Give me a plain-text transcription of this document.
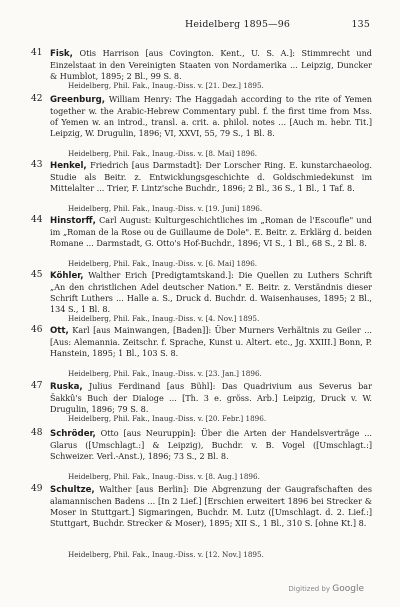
Heidelberg 1895—96	135
41 Fisk, Otis Harrison [aus Covington. Kent., U. S. A.]: Stimmrecht und Einzelstaat in den Vereinigten Staaten von Nordamerika ... Leipzig, Duncker & Humblot, 1895; 2 Bl., 99 S. 8.
Heidelberg, Phil. Fak., Inaug.-Diss. v. [21. Dez.] 1895.
42 Greenburg, William Henry: The Haggadah according to the rite of Yemen together w. the Arabic-Hebrew Commentary publ. f. the first time from Mss. of Yemen w. an introd., transl. a. crit. a. philol. notes ... [Auch m. hebr. Tit.] Leipzig, W. Drugulin, 1896; VI, XXVI, 55, 79 S., 1 Bl. 8.
Heidelberg, Phil. Fak., Inaug.-Diss. v. [8. Mai] 1896.
43 Henkel, Friedrich [aus Darmstadt]: Der Lorscher Ring. E. kunstarchaeolog. Studie als Beitr. z. Entwicklungsgeschichte d. Goldschmiedekunst im Mittelalter ... Trier, F. Lintz'sche Buchdr., 1896; 2 Bl., 36 S., 1 Bl., 1 Taf. 8.
Heidelberg, Phil. Fak., Inaug.-Diss. v. [19. Juni] 1896.
44 Hinstorff, Carl August: Kulturgeschichtliches im „Roman de l'Escoufle" und im „Roman de la Rose ou de Guillaume de Dole". E. Beitr. z. Erklärg d. beiden Romane ... Darmstadt, G. Otto's Hof-Buchdr., 1896; VI S., 1 Bl., 68 S., 2 Bl. 8.
Heidelberg, Phil. Fak., Inaug.-Diss. v. [6. Mai] 1896.
45 Köhler, Walther Erich [Predigtamtskand.]: Die Quellen zu Luthers Schrift „An den christlichen Adel deutscher Nation." E. Beitr. z. Verständnis dieser Schrift Luthers ... Halle a. S., Druck d. Buchdr. d. Waisenhauses, 1895; 2 Bl., 134 S., 1 Bl. 8.
Heidelberg, Phil. Fak., Inaug.-Diss. v. [4. Nov.] 1895.
46 Ott, Karl [aus Mainwangen, [Baden]]: Über Murners Verhältnis zu Geiler ... [Aus: Alemannia. Zeitschr. f. Sprache, Kunst u. Altert. etc., Jg. XXIII.] Bonn, P. Hanstein, 1895; 1 Bl., 103 S. 8.
Heidelberg, Phil. Fak., Inaug.-Diss. v. [23. Jan.] 1896.
47 Ruska, Julius Ferdinand [aus Bühl]: Das Quadrivium aus Severus bar Šakkû's Buch der Dialoge ... [Th. 3 e. gröss. Arb.] Leipzig, Druck v. W. Drugulin, 1896; 79 S. 8.
Heidelberg, Phil. Fak., Inaug.-Diss. v. [20. Febr.] 1896.
48 Schröder, Otto [aus Neuruppin]: Über die Arten der Handelsverträge ... Glarus ([Umschlagt.:] & Leipzig), Buchdr. v. B. Vogel ([Umschlagt.:] Schweizer. Verl.-Anst.), 1896; 73 S., 2 Bl. 8.
Heidelberg, Phil. Fak., Inaug.-Diss. v. [8. Aug.] 1896.
49 Schultze, Walther [aus Berlin]: Die Abgrenzung der Gaugrafschaften des alamannischen Badens ... [In 2 Lief.] [Erschien erweitert 1896 bei Strecker & Moser in Stuttgart.] Sigmaringen, Buchdr. M. Lutz ([Umschlagt. d. 2. Lief.:] Stuttgart, Buchdr. Strecker & Moser), 1895; XII S., 1 Bl., 310 S. [ohne Kt.] 8.
Heidelberg, Phil. Fak., Inaug.-Diss. v. [12. Nov.] 1895.
Digitized by Google
